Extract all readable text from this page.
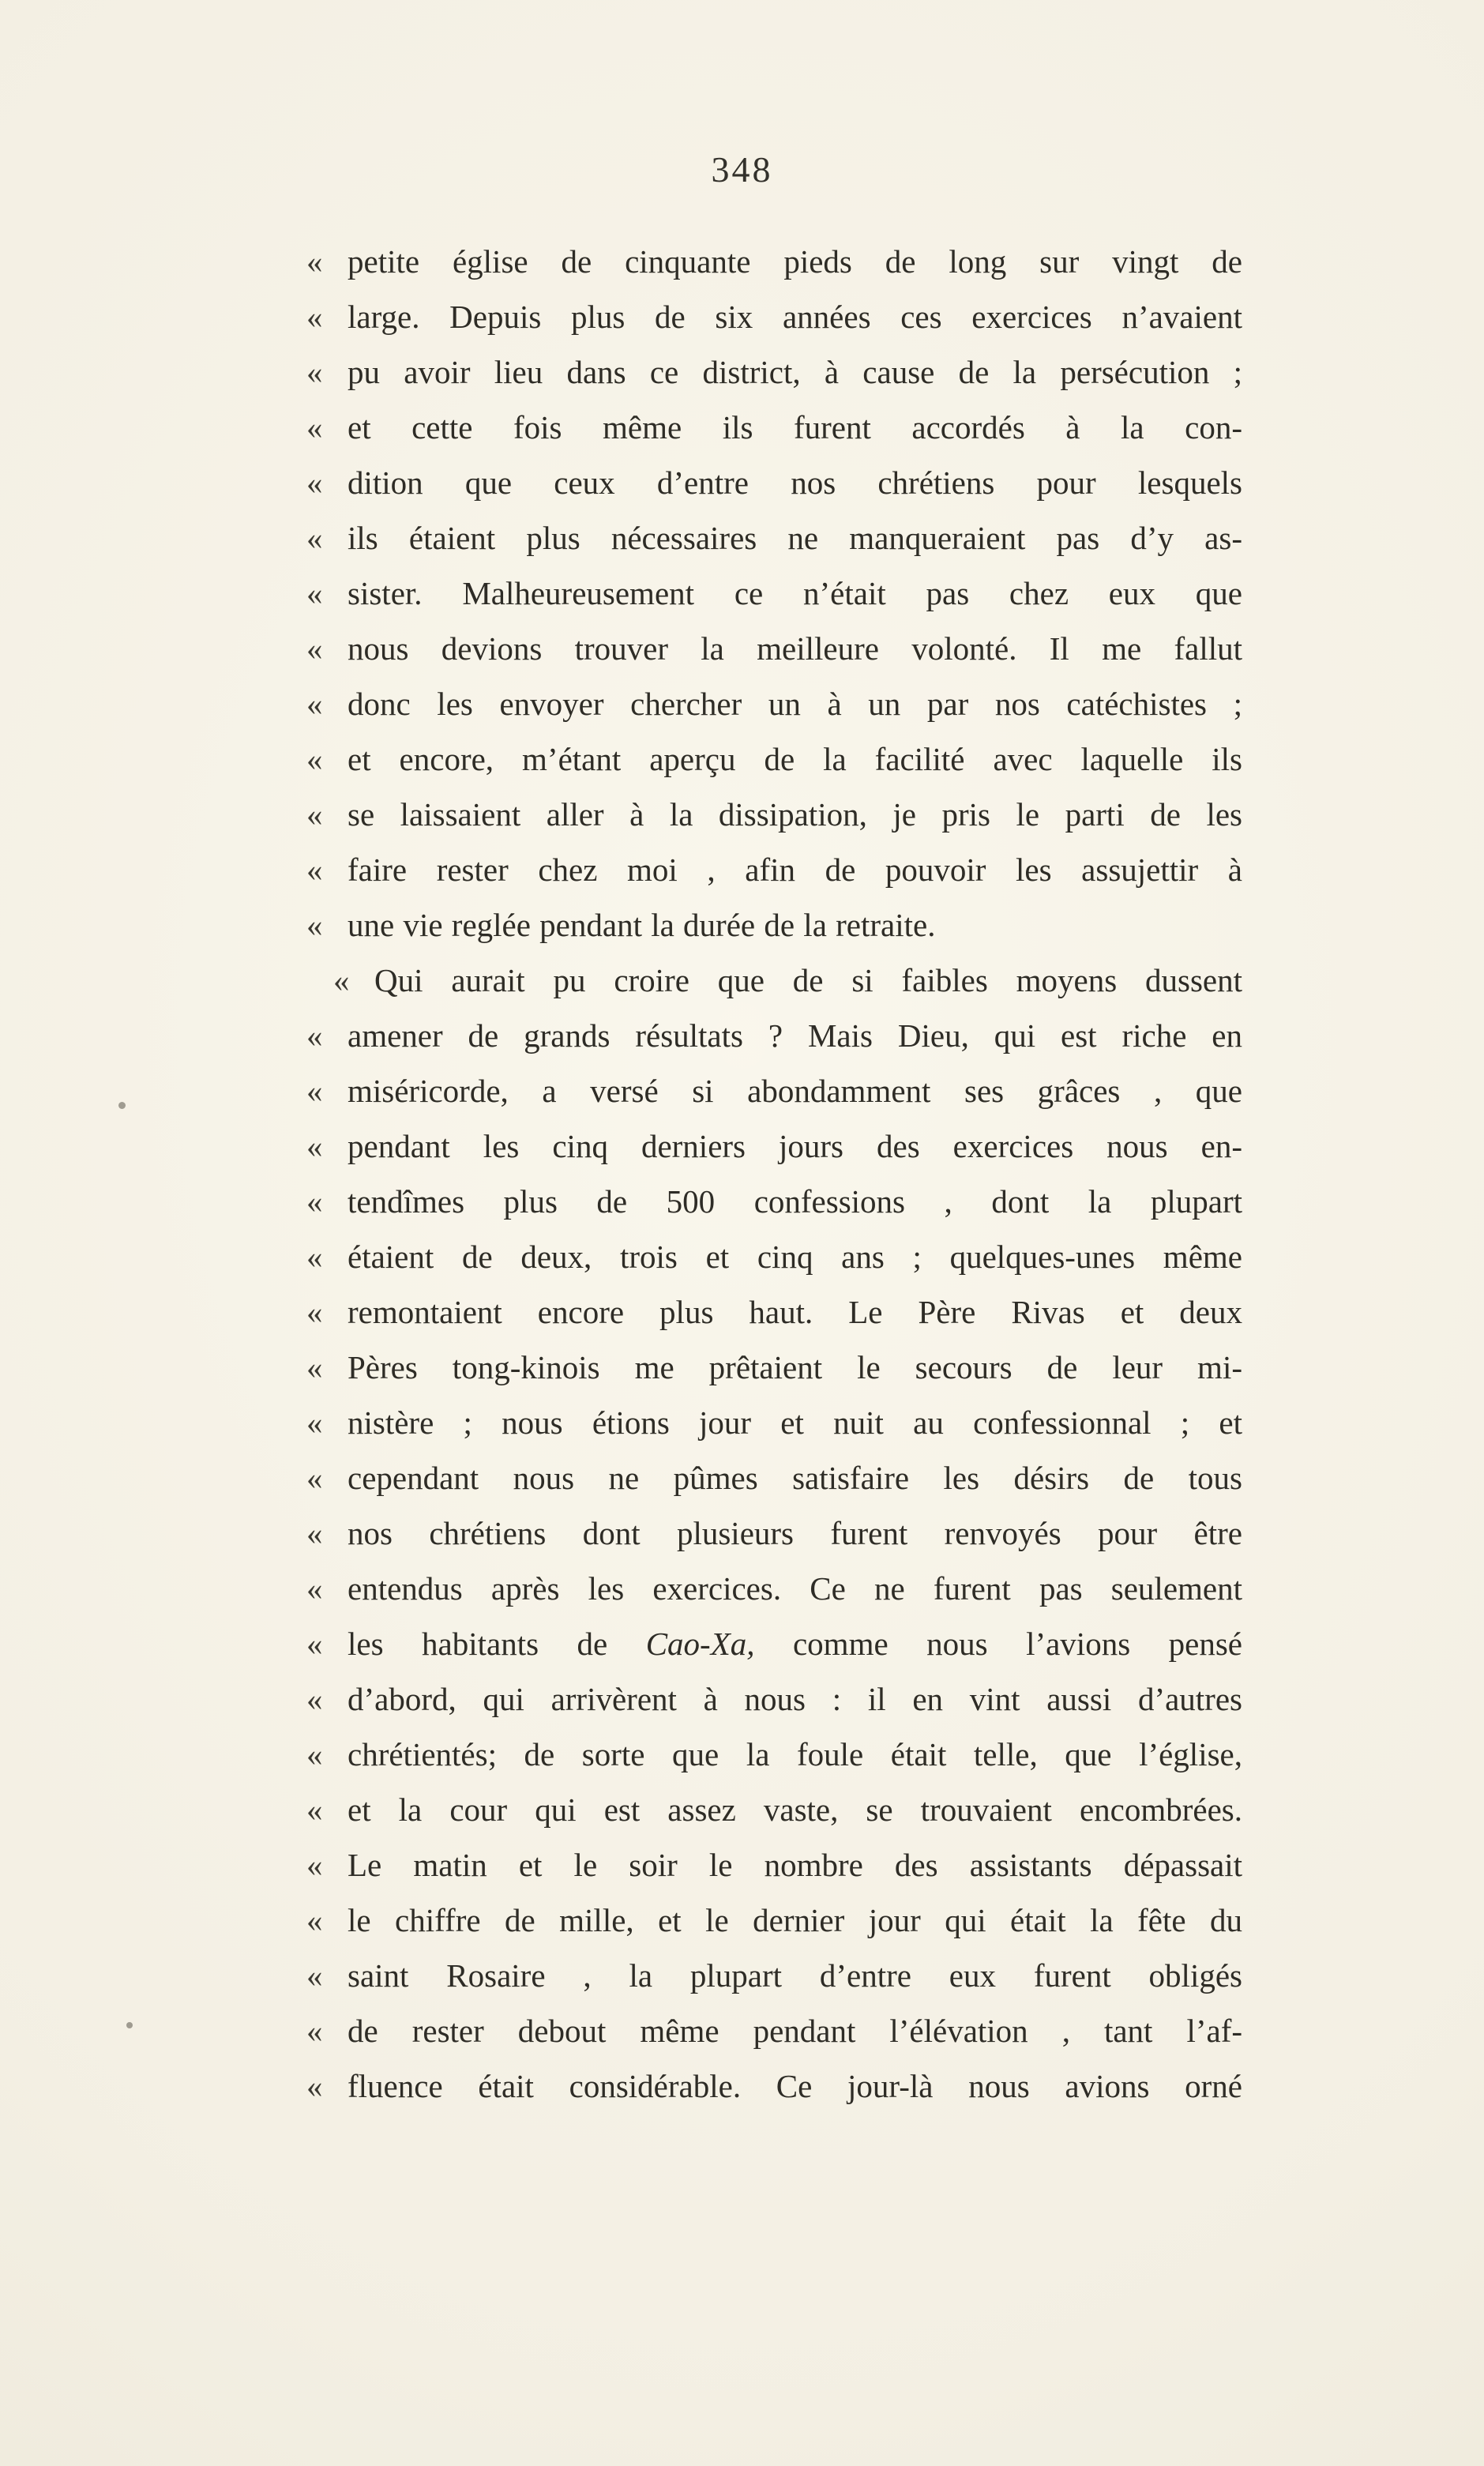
348
« petite église de cinquante pieds de long sur vingt de
« large. Depuis plus de six années ces exercices n’avaient
« pu avoir lieu dans ce district, à cause de la persécution ;
« et cette fois même ils furent accordés à la con-
« dition que ceux d’entre nos chrétiens pour lesquels
« ils étaient plus nécessaires ne manqueraient pas d’y as-
« sister. Malheureusement ce n’était pas chez eux que
« nous devions trouver la meilleure volonté. Il me fallut
« donc les envoyer chercher un à un par nos catéchistes ;
« et encore, m’étant aperçu de la facilité avec laquelle ils
« se laissaient aller à la dissipation, je pris le parti de les
« faire rester chez moi , afin de pouvoir les assujettir à
« une vie reglée pendant la durée de la retraite.
« Qui aurait pu croire que de si faibles moyens dussent
« amener de grands résultats ? Mais Dieu, qui est riche en
« miséricorde, a versé si abondamment ses grâces , que
« pendant les cinq derniers jours des exercices nous en-
« tendîmes plus de 500 confessions , dont la plupart
« étaient de deux, trois et cinq ans ; quelques-unes même
« remontaient encore plus haut. Le Père Rivas et deux
« Pères tong-kinois me prêtaient le secours de leur mi-
« nistère ; nous étions jour et nuit au confessionnal ; et
« cependant nous ne pûmes satisfaire les désirs de tous
« nos chrétiens dont plusieurs furent renvoyés pour être
« entendus après les exercices. Ce ne furent pas seulement
« les habitants de Cao-Xa, comme nous l’avions pensé
« d’abord, qui arrivèrent à nous : il en vint aussi d’autres
« chrétientés; de sorte que la foule était telle, que l’église,
« et la cour qui est assez vaste, se trouvaient encombrées.
« Le matin et le soir le nombre des assistants dépassait
« le chiffre de mille, et le dernier jour qui était la fête du
« saint Rosaire , la plupart d’entre eux furent obligés
« de rester debout même pendant l’élévation , tant l’af-
« fluence était considérable. Ce jour-là nous avions orné
